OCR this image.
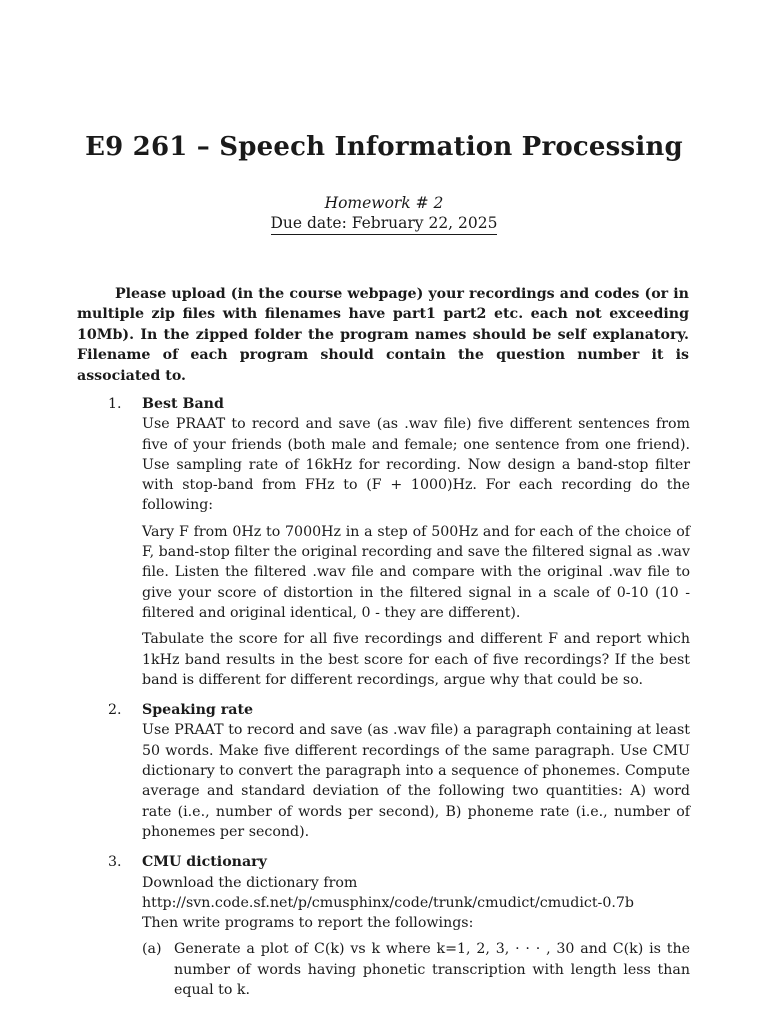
E9 261 – Speech Information Processing
Homework # 2
Due date: February 22, 2025
Please upload (in the course webpage) your recordings and codes (or in multiple zip files with filenames have part1 part2 etc. each not exceeding 10Mb). In the zipped folder the program names should be self explanatory. Filename of each program should contain the question number it is associated to.
1. Best Band

Use PRAAT to record and save (as .wav file) five different sentences from five of your friends (both male and female; one sentence from one friend). Use sampling rate of 16kHz for recording. Now design a band-stop filter with stop-band from FHz to (F + 1000)Hz. For each recording do the following:

Vary F from 0Hz to 7000Hz in a step of 500Hz and for each of the choice of F, band-stop filter the original recording and save the filtered signal as .wav file. Listen the filtered .wav file and compare with the original .wav file to give your score of distortion in the filtered signal in a scale of 0-10 (10 - filtered and original identical, 0 - they are different).

Tabulate the score for all five recordings and different F and report which 1kHz band results in the best score for each of five recordings? If the best band is different for different recordings, argue why that could be so.

2. Speaking rate

Use PRAAT to record and save (as .wav file) a paragraph containing at least 50 words. Make five different recordings of the same paragraph. Use CMU dictionary to convert the paragraph into a sequence of phonemes. Compute average and standard deviation of the following two quantities: A) word rate (i.e., number of words per second), B) phoneme rate (i.e., number of phonemes per second).

3. CMU dictionary
Download the dictionary from
http://svn.code.sf.net/p/cmusphinx/code/trunk/cmudict/cmudict-0.7b
Then write programs to report the followings:
(a) Generate a plot of C(k) vs k where k=1, 2, 3, · · · , 30 and C(k) is the number of words having phonetic transcription with length less than equal to k.
